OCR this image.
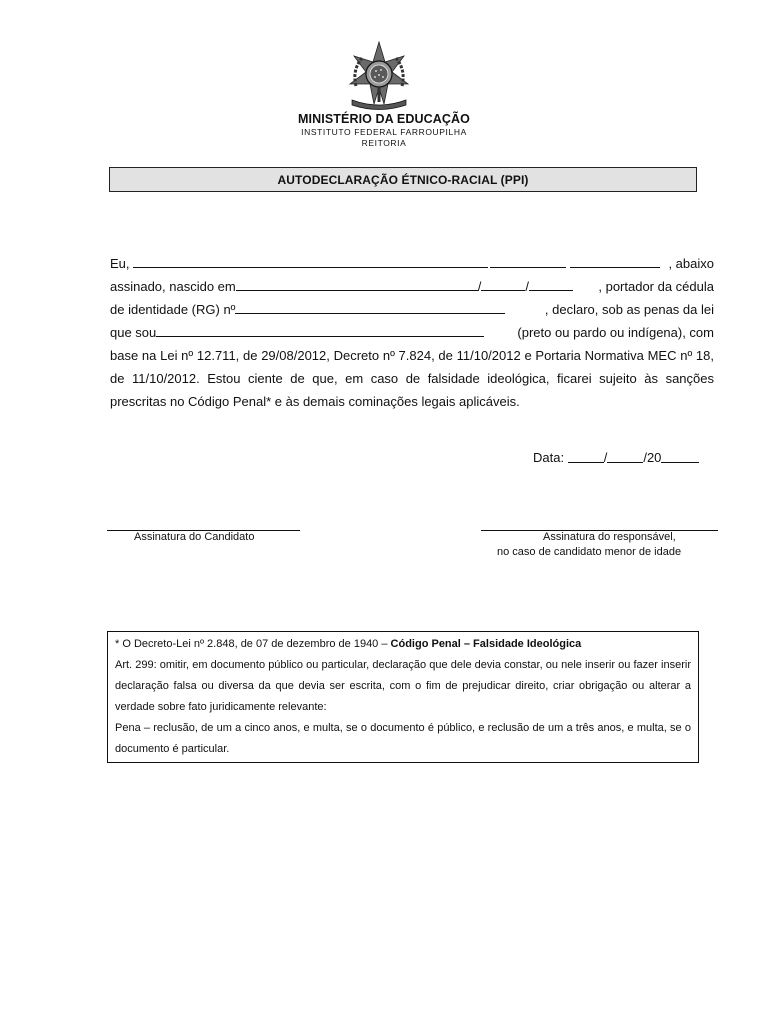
MINISTÉRIO DA EDUCAÇÃO
INSTITUTO FEDERAL FARROUPILHA
REITORIA
AUTODECLARAÇÃO ÉTNICO-RACIAL (PPI)
Eu,
	, abaixo
assinado, nascido em	/	/	, portador da cédula
de identidade (RG) nº	, declaro, sob as penas da lei
que sou	(preto ou pardo ou indígena), com

base na Lei nº 12.711, de 29/08/2012, Decreto nº 7.824, de 11/10/2012 e Portaria Normativa MEC nº 18, de 11/10/2012. Estou ciente de que, em caso de falsidade ideológica, ficarei sujeito às sanções prescritas no Código Penal* e às demais cominações legais aplicáveis.

Data:	/	/20
Assinatura do Candidato	Assinatura do responsável,
no caso de candidato menor de idade

* O Decreto-Lei nº 2.848, de 07 de dezembro de 1940 – Código Penal – Falsidade Ideológica

Art. 299: omitir, em documento público ou particular, declaração que dele devia constar, ou nele inserir ou fazer inserir declaração falsa ou diversa da que devia ser escrita, com o fim de prejudicar direito, criar obrigação ou alterar a verdade sobre fato juridicamente relevante:

Pena – reclusão, de um a cinco anos, e multa, se o documento é público, e reclusão de um a três anos, e multa, se o documento é particular.
